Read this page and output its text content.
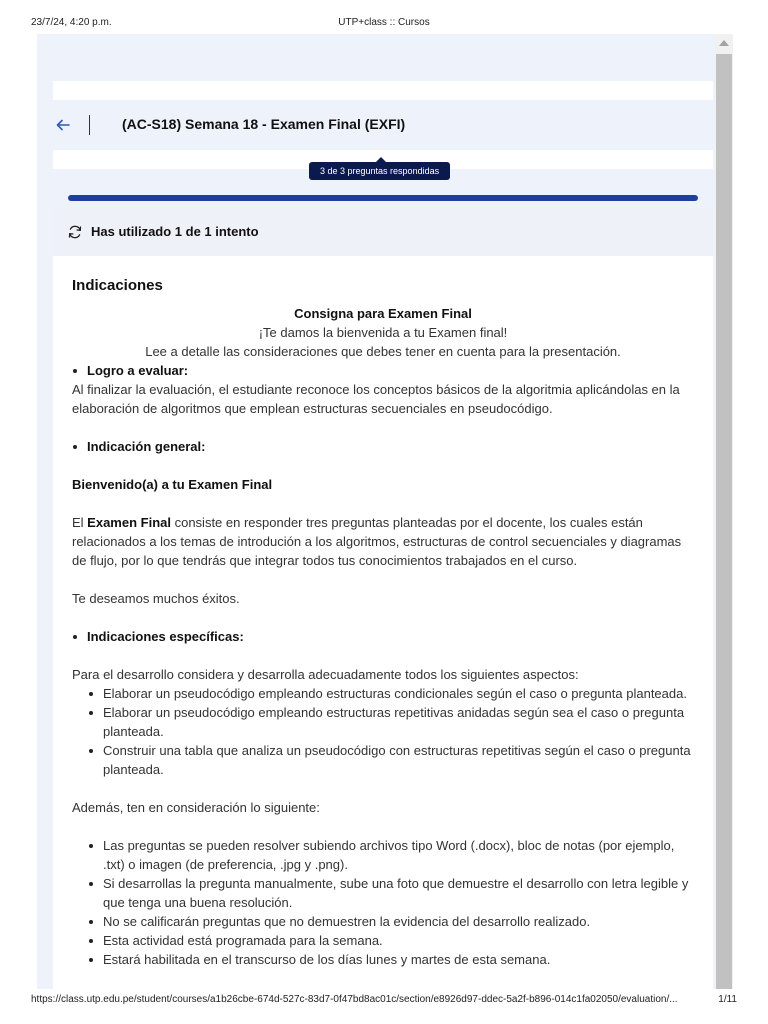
23/7/24, 4:20 p.m.	UTP+class :: Cursos
(AC-S18) Semana 18 - Examen Final (EXFI)
3 de 3 preguntas respondidas
Has utilizado 1 de 1 intento
Indicaciones
Consigna para Examen Final
¡Te damos la bienvenida a tu Examen final!
Lee a detalle las consideraciones que debes tener en cuenta para la presentación.
Logro a evaluar:
Al finalizar la evaluación, el estudiante reconoce los conceptos básicos de la algoritmia aplicándolas en la elaboración de algoritmos que emplean estructuras secuenciales en pseudocódigo.
Indicación general:
Bienvenido(a) a tu Examen Final
El Examen Final consiste en responder tres preguntas planteadas por el docente, los cuales están relacionados a los temas de introdución a los algoritmos, estructuras de control secuenciales y diagramas de flujo, por lo que tendrás que integrar todos tus conocimientos trabajados en el curso.
Te deseamos muchos éxitos.
Indicaciones específicas:
Para el desarrollo considera y desarrolla adecuadamente todos los siguientes aspectos:
Elaborar un pseudocódigo empleando estructuras condicionales según el caso o pregunta planteada.
Elaborar un pseudocódigo empleando estructuras repetitivas anidadas según sea el caso o pregunta planteada.
Construir una tabla que analiza un pseudocódigo con estructuras repetitivas según el caso o pregunta planteada.
Además, ten en consideración lo siguiente:
Las preguntas se pueden resolver subiendo archivos tipo Word (.docx), bloc de notas (por ejemplo, .txt) o imagen (de preferencia, .jpg y .png).
Si desarrollas la pregunta manualmente, sube una foto que demuestre el desarrollo con letra legible y que tenga una buena resolución.
No se calificarán preguntas que no demuestren la evidencia del desarrollo realizado.
Esta actividad está programada para la semana.
Estará habilitada en el transcurso de los días lunes y martes de esta semana.
https://class.utp.edu.pe/student/courses/a1b26cbe-674d-527c-83d7-0f47bd8ac01c/section/e8926d97-ddec-5a2f-b896-014c1fa02050/evaluation/...	1/11
